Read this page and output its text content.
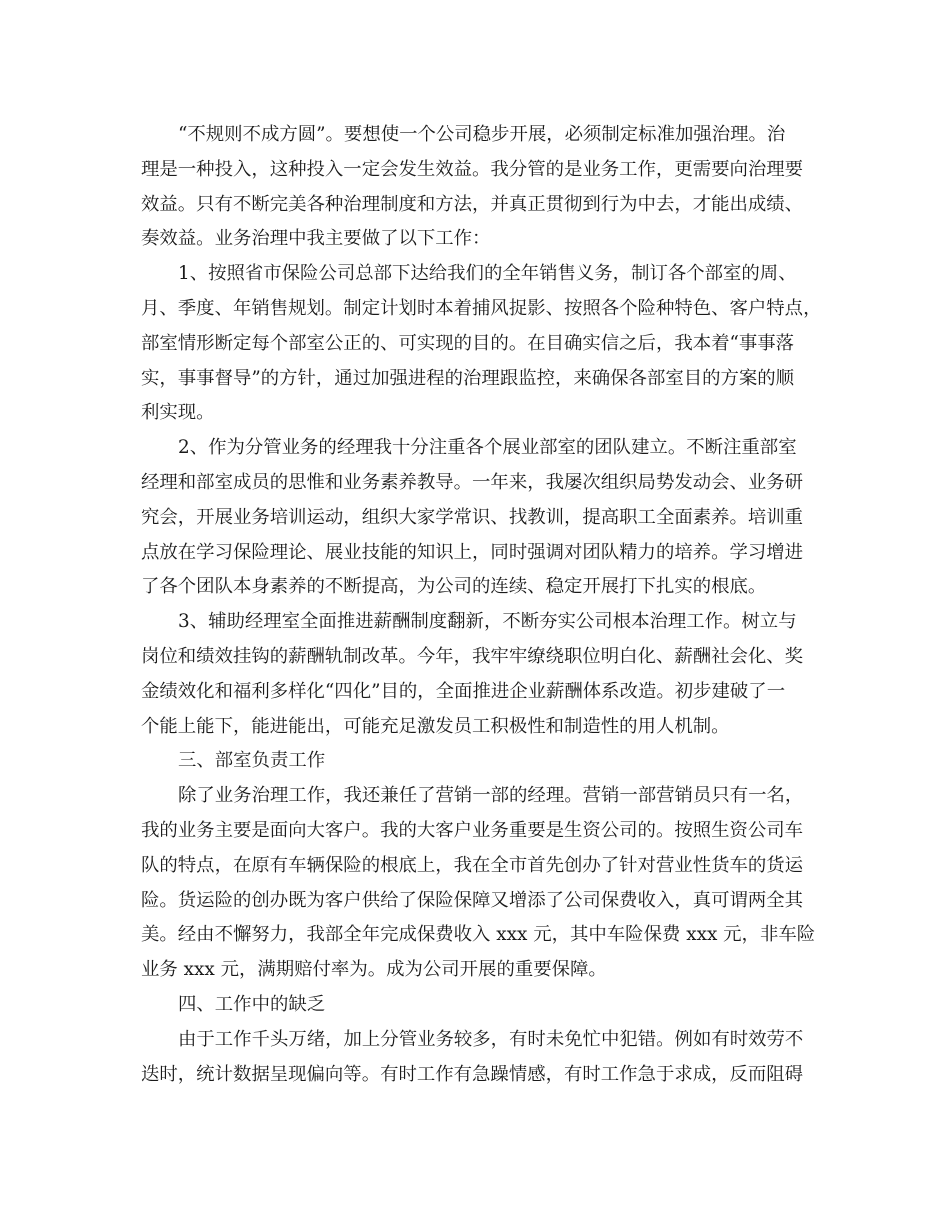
“不规则不成方圆”。要想使一个公司稳步开展，必须制定标准加强治理。治
理是一种投入，这种投入一定会发生效益。我分管的是业务工作，更需要向治理要
效益。只有不断完美各种治理制度和方法，并真正贯彻到行为中去，才能出成绩、
奏效益。业务治理中我主要做了以下工作：
1、按照省市保险公司总部下达给我们的全年销售义务，制订各个部室的周、
月、季度、年销售规划。制定计划时本着捕风捉影、按照各个险种特色、客户特点，
部室情形断定每个部室公正的、可实现的目的。在目确实信之后，我本着“事事落
实，事事督导”的方针，通过加强进程的治理跟监控，来确保各部室目的方案的顺
利实现。
2、作为分管业务的经理我十分注重各个展业部室的团队建立。不断注重部室
经理和部室成员的思惟和业务素养教导。一年来，我屡次组织局势发动会、业务研
究会，开展业务培训运动，组织大家学常识、找教训，提高职工全面素养。培训重
点放在学习保险理论、展业技能的知识上，同时强调对团队精力的培养。学习增进
了各个团队本身素养的不断提高，为公司的连续、稳定开展打下扎实的根底。
3、辅助经理室全面推进薪酬制度翻新，不断夯实公司根本治理工作。树立与
岗位和绩效挂钩的薪酬轨制改革。今年，我牢牢缭绕职位明白化、薪酬社会化、奖
金绩效化和福利多样化“四化”目的，全面推进企业薪酬体系改造。初步建破了一
个能上能下，能进能出，可能充足激发员工积极性和制造性的用人机制。
三、部室负责工作
除了业务治理工作，我还兼任了营销一部的经理。营销一部营销员只有一名，
我的业务主要是面向大客户。我的大客户业务重要是生资公司的。按照生资公司车
队的特点，在原有车辆保险的根底上，我在全市首先创办了针对营业性货车的货运
险。货运险的创办既为客户供给了保险保障又增添了公司保费收入，真可谓两全其
美。经由不懈努力，我部全年完成保费收入 xxx 元，其中车险保费 xxx 元，非车险
业务 xxx 元，满期赔付率为。成为公司开展的重要保障。
四、工作中的缺乏
由于工作千头万绪，加上分管业务较多，有时未免忙中犯错。例如有时效劳不
迭时，统计数据呈现偏向等。有时工作有急躁情感，有时工作急于求成，反而阻碍
